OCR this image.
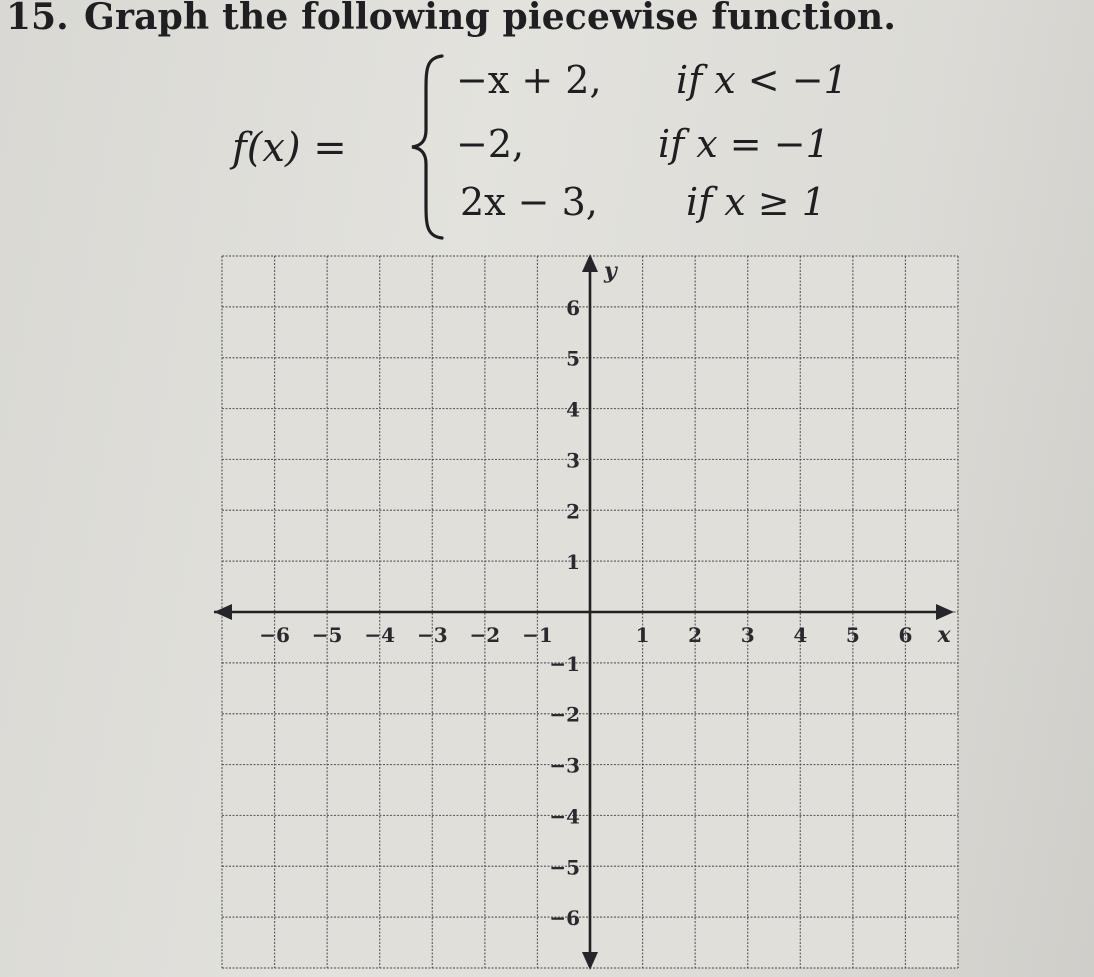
15. Graph the following piecewise function.
f(x) =
−x + 2, if x < −1
−2,	if x = −1
2x − 3, if x ≥ 1
−6 −5 −4 −3 −2 −1	1 2 3 4 5 6
6
5
4
3
2
1
−1
−2
−3
−4
−5
−6
x
y
